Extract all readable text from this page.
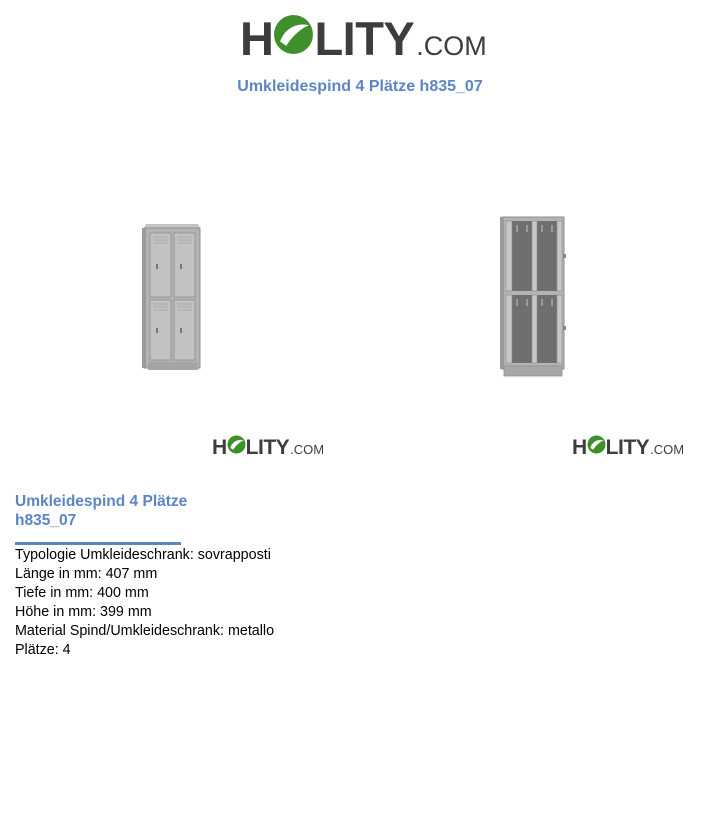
H LITY .COM
Umkleidespind 4 Plätze h835_07
H LITY .COM	H LITY .COM
Umkleidespind 4 Plätze
h835_07
Typologie Umkleideschrank: sovrapposti
Länge in mm: 407 mm
Tiefe in mm: 400 mm
Höhe in mm: 399 mm
Material Spind/Umkleideschrank: metallo
Plätze: 4
